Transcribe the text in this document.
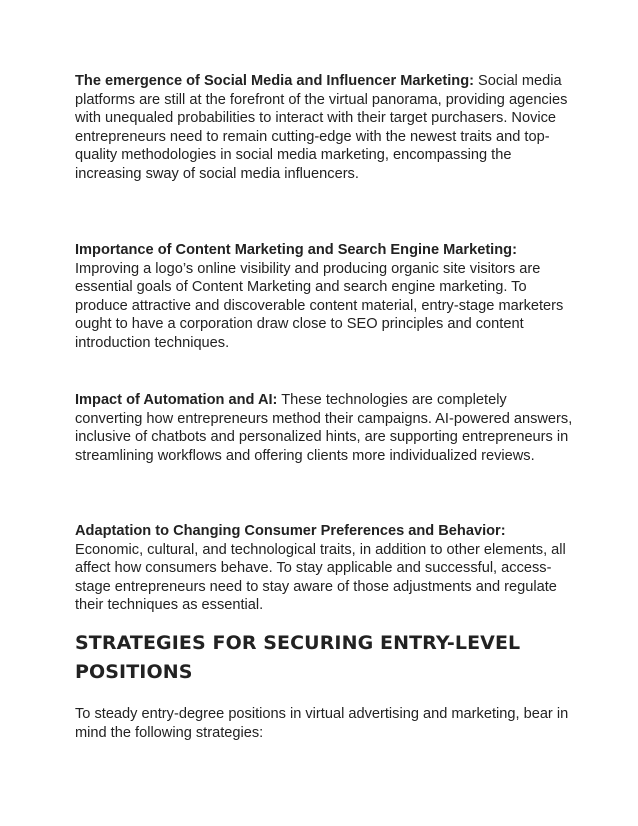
The emergence of Social Media and Influencer Marketing: Social media platforms are still at the forefront of the virtual panorama, providing agencies with unequaled probabilities to interact with their target purchasers. Novice entrepreneurs need to remain cutting-edge with the newest traits and top-quality methodologies in social media marketing, encompassing the increasing sway of social media influencers.

Importance of Content Marketing and Search Engine Marketing: Improving a logo’s online visibility and producing organic site visitors are essential goals of Content Marketing and search engine marketing. To produce attractive and discoverable content material, entry-stage marketers ought to have a corporation draw close to SEO principles and content introduction techniques.

Impact of Automation and AI: These technologies are completely converting how entrepreneurs method their campaigns. AI-powered answers, inclusive of chatbots and personalized hints, are supporting entrepreneurs in streamlining workflows and offering clients more individualized reviews.

Adaptation to Changing Consumer Preferences and Behavior: Economic, cultural, and technological traits, in addition to other elements, all affect how consumers behave. To stay applicable and successful, access-stage entrepreneurs need to stay aware of those adjustments and regulate their techniques as essential.

STRATEGIES FOR SECURING ENTRY-LEVEL POSITIONS

To steady entry-degree positions in virtual advertising and marketing, bear in mind the following strategies:
